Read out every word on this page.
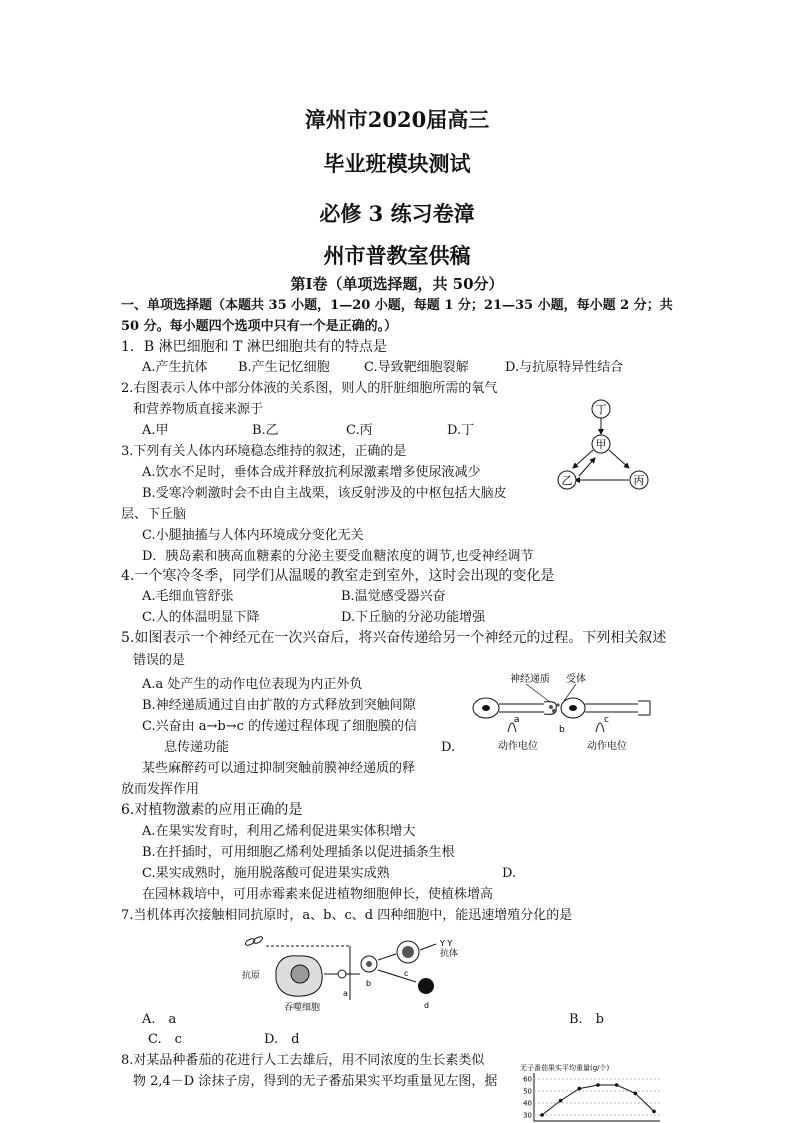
漳州市2020届高三
毕业班模块测试
必修 3 练习卷漳
州市普教室供稿
第Ⅰ卷（单项选择题，共 50分）
一、单项选择题（本题共 35 小题，1—20 小题，每题 1 分；21—35 小题，每小题 2 分；共
50 分。每小题四个选项中只有一个是正确的。）
1．B 淋巴细胞和 T 淋巴细胞共有的特点是
A.产生抗体 B.产生记忆细胞	C.导致靶细胞裂解	D.与抗原特异性结合
2.右图表示人体中部分体液的关系图，则人的肝脏细胞所需的氧气
和营养物质直接来源于
A.甲	B.乙	C.丙	D.丁
丁
甲
乙	丙
3.下列有关人体内环境稳态维持的叙述，正确的是
A.饮水不足时，垂体合成并释放抗利尿激素增多使尿液减少
B.受寒冷刺激时会不由自主战栗，该反射涉及的中枢包括大脑皮
层、下丘脑
C.小腿抽搐与人体内环境成分变化无关
D．胰岛素和胰高血糖素的分泌主要受血糖浓度的调节,也受神经调节
4.一个寒冷冬季，同学们从温暖的教室走到室外，这时会出现的变化是
A.毛细血管舒张	B.温觉感受器兴奋
C.人的体温明显下降	D.下丘脑的分泌功能增强
5.如图表示一个神经元在一次兴奋后，将兴奋传递给另一个神经元的过程。下列相关叙述
错误的是
A.a 处产生的动作电位表现为内正外负
B.神经递质通过自由扩散的方式释放到突触间隙
C.兴奋由 a→b→c 的传递过程体现了细胞膜的信
息传递功能	D.
某些麻醉药可以通过抑制突触前膜神经递质的释
放而发挥作用
神经递质 受体
a
b
c
动作电位	动作电位
6.对植物激素的应用正确的是
A.在果实发育时，利用乙烯利促进果实体积增大
B.在扦插时，可用细胞乙烯利处理插条以促进插条生根
C.果实成熟时，施用脱落酸可促进果实成熟	D.
在园林栽培中，可用赤霉素来促进植物细胞伸长，使植株增高
7.当机体再次接触相同抗原时，a、b、c、d 四种细胞中，能迅速增殖分化的是
抗原
吞噬细胞
a
b
c
Y Y
抗体
d
A.　a	B.　b
C.　c	D.　d
8.对某品种番茄的花进行人工去雄后，用不同浓度的生长素类似
物 2,4－D 涂抹子房，得到的无子番茄果实平均重量见左图，据
无子番茄果实平均重量(g/个)
60
50
40
30
